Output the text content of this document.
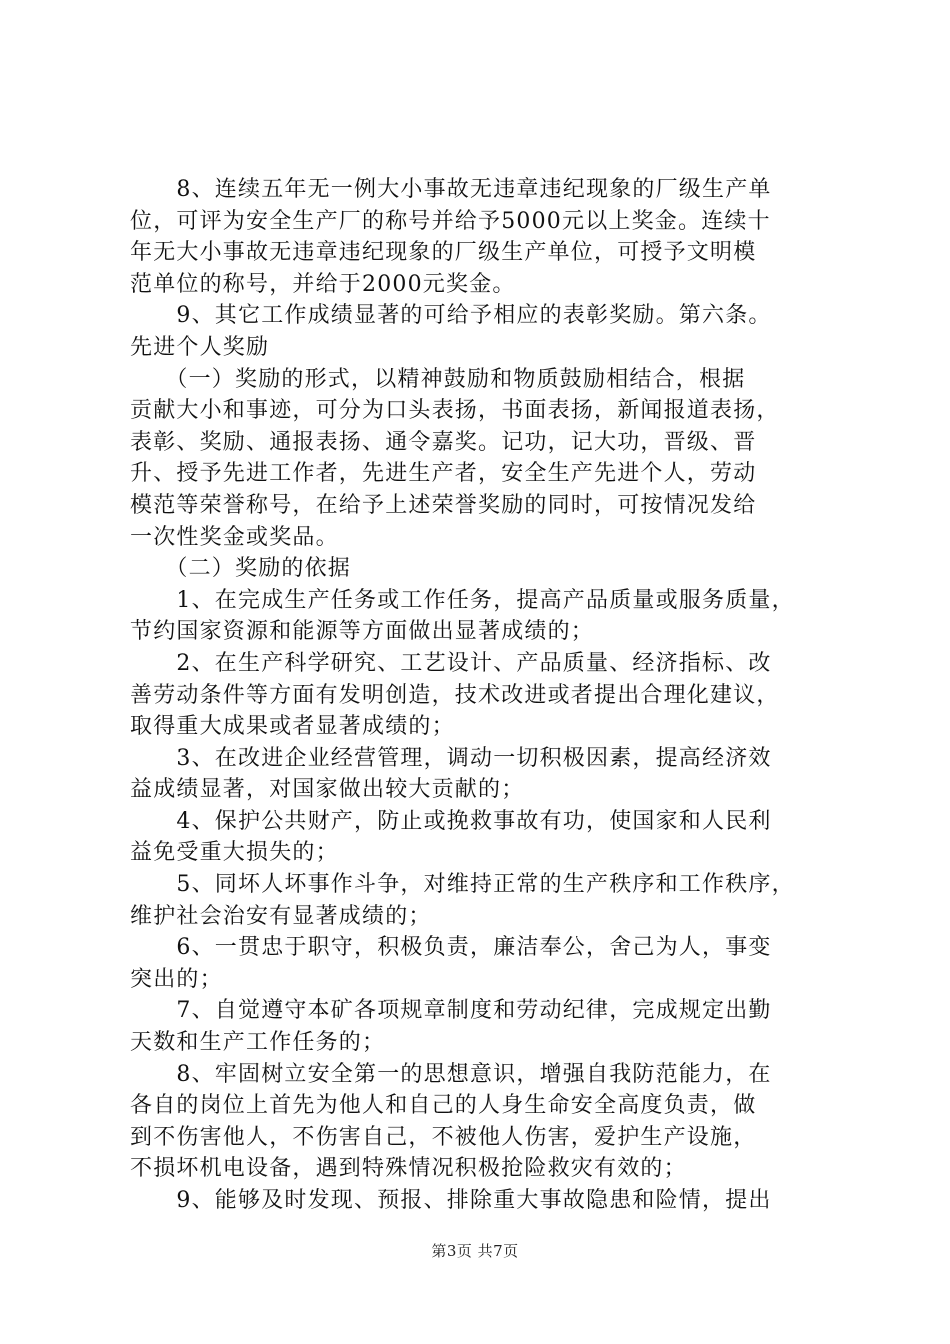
　　8、连续五年无一例大小事故无违章违纪现象的厂级生产单
位，可评为安全生产厂的称号并给予5000元以上奖金。连续十
年无大小事故无违章违纪现象的厂级生产单位，可授予文明模
范单位的称号，并给于2000元奖金。
　　9、其它工作成绩显著的可给予相应的表彰奖励。第六条。
先进个人奖励
　　（一）奖励的形式，以精神鼓励和物质鼓励相结合，根据
贡献大小和事迹，可分为口头表扬，书面表扬，新闻报道表扬，
表彰、奖励、通报表扬、通令嘉奖。记功，记大功，晋级、晋
升、授予先进工作者，先进生产者，安全生产先进个人，劳动
模范等荣誉称号，在给予上述荣誉奖励的同时，可按情况发给
一次性奖金或奖品。
　　（二）奖励的依据
　　1、在完成生产任务或工作任务，提高产品质量或服务质量，
节约国家资源和能源等方面做出显著成绩的；
　　2、在生产科学研究、工艺设计、产品质量、经济指标、改
善劳动条件等方面有发明创造，技术改进或者提出合理化建议，
取得重大成果或者显著成绩的；
　　3、在改进企业经营管理，调动一切积极因素，提高经济效
益成绩显著，对国家做出较大贡献的；
　　4、保护公共财产，防止或挽救事故有功，使国家和人民利
益免受重大损失的；
　　5、同坏人坏事作斗争，对维持正常的生产秩序和工作秩序，
维护社会治安有显著成绩的；
　　6、一贯忠于职守，积极负责，廉洁奉公，舍己为人，事变
突出的；
　　7、自觉遵守本矿各项规章制度和劳动纪律，完成规定出勤
天数和生产工作任务的；
　　8、牢固树立安全第一的思想意识，增强自我防范能力，在
各自的岗位上首先为他人和自己的人身生命安全高度负责，做
到不伤害他人，不伤害自己，不被他人伤害，爱护生产设施，
不损坏机电设备，遇到特殊情况积极抢险救灾有效的；
　　9、能够及时发现、预报、排除重大事故隐患和险情，提出
第3页 共7页
